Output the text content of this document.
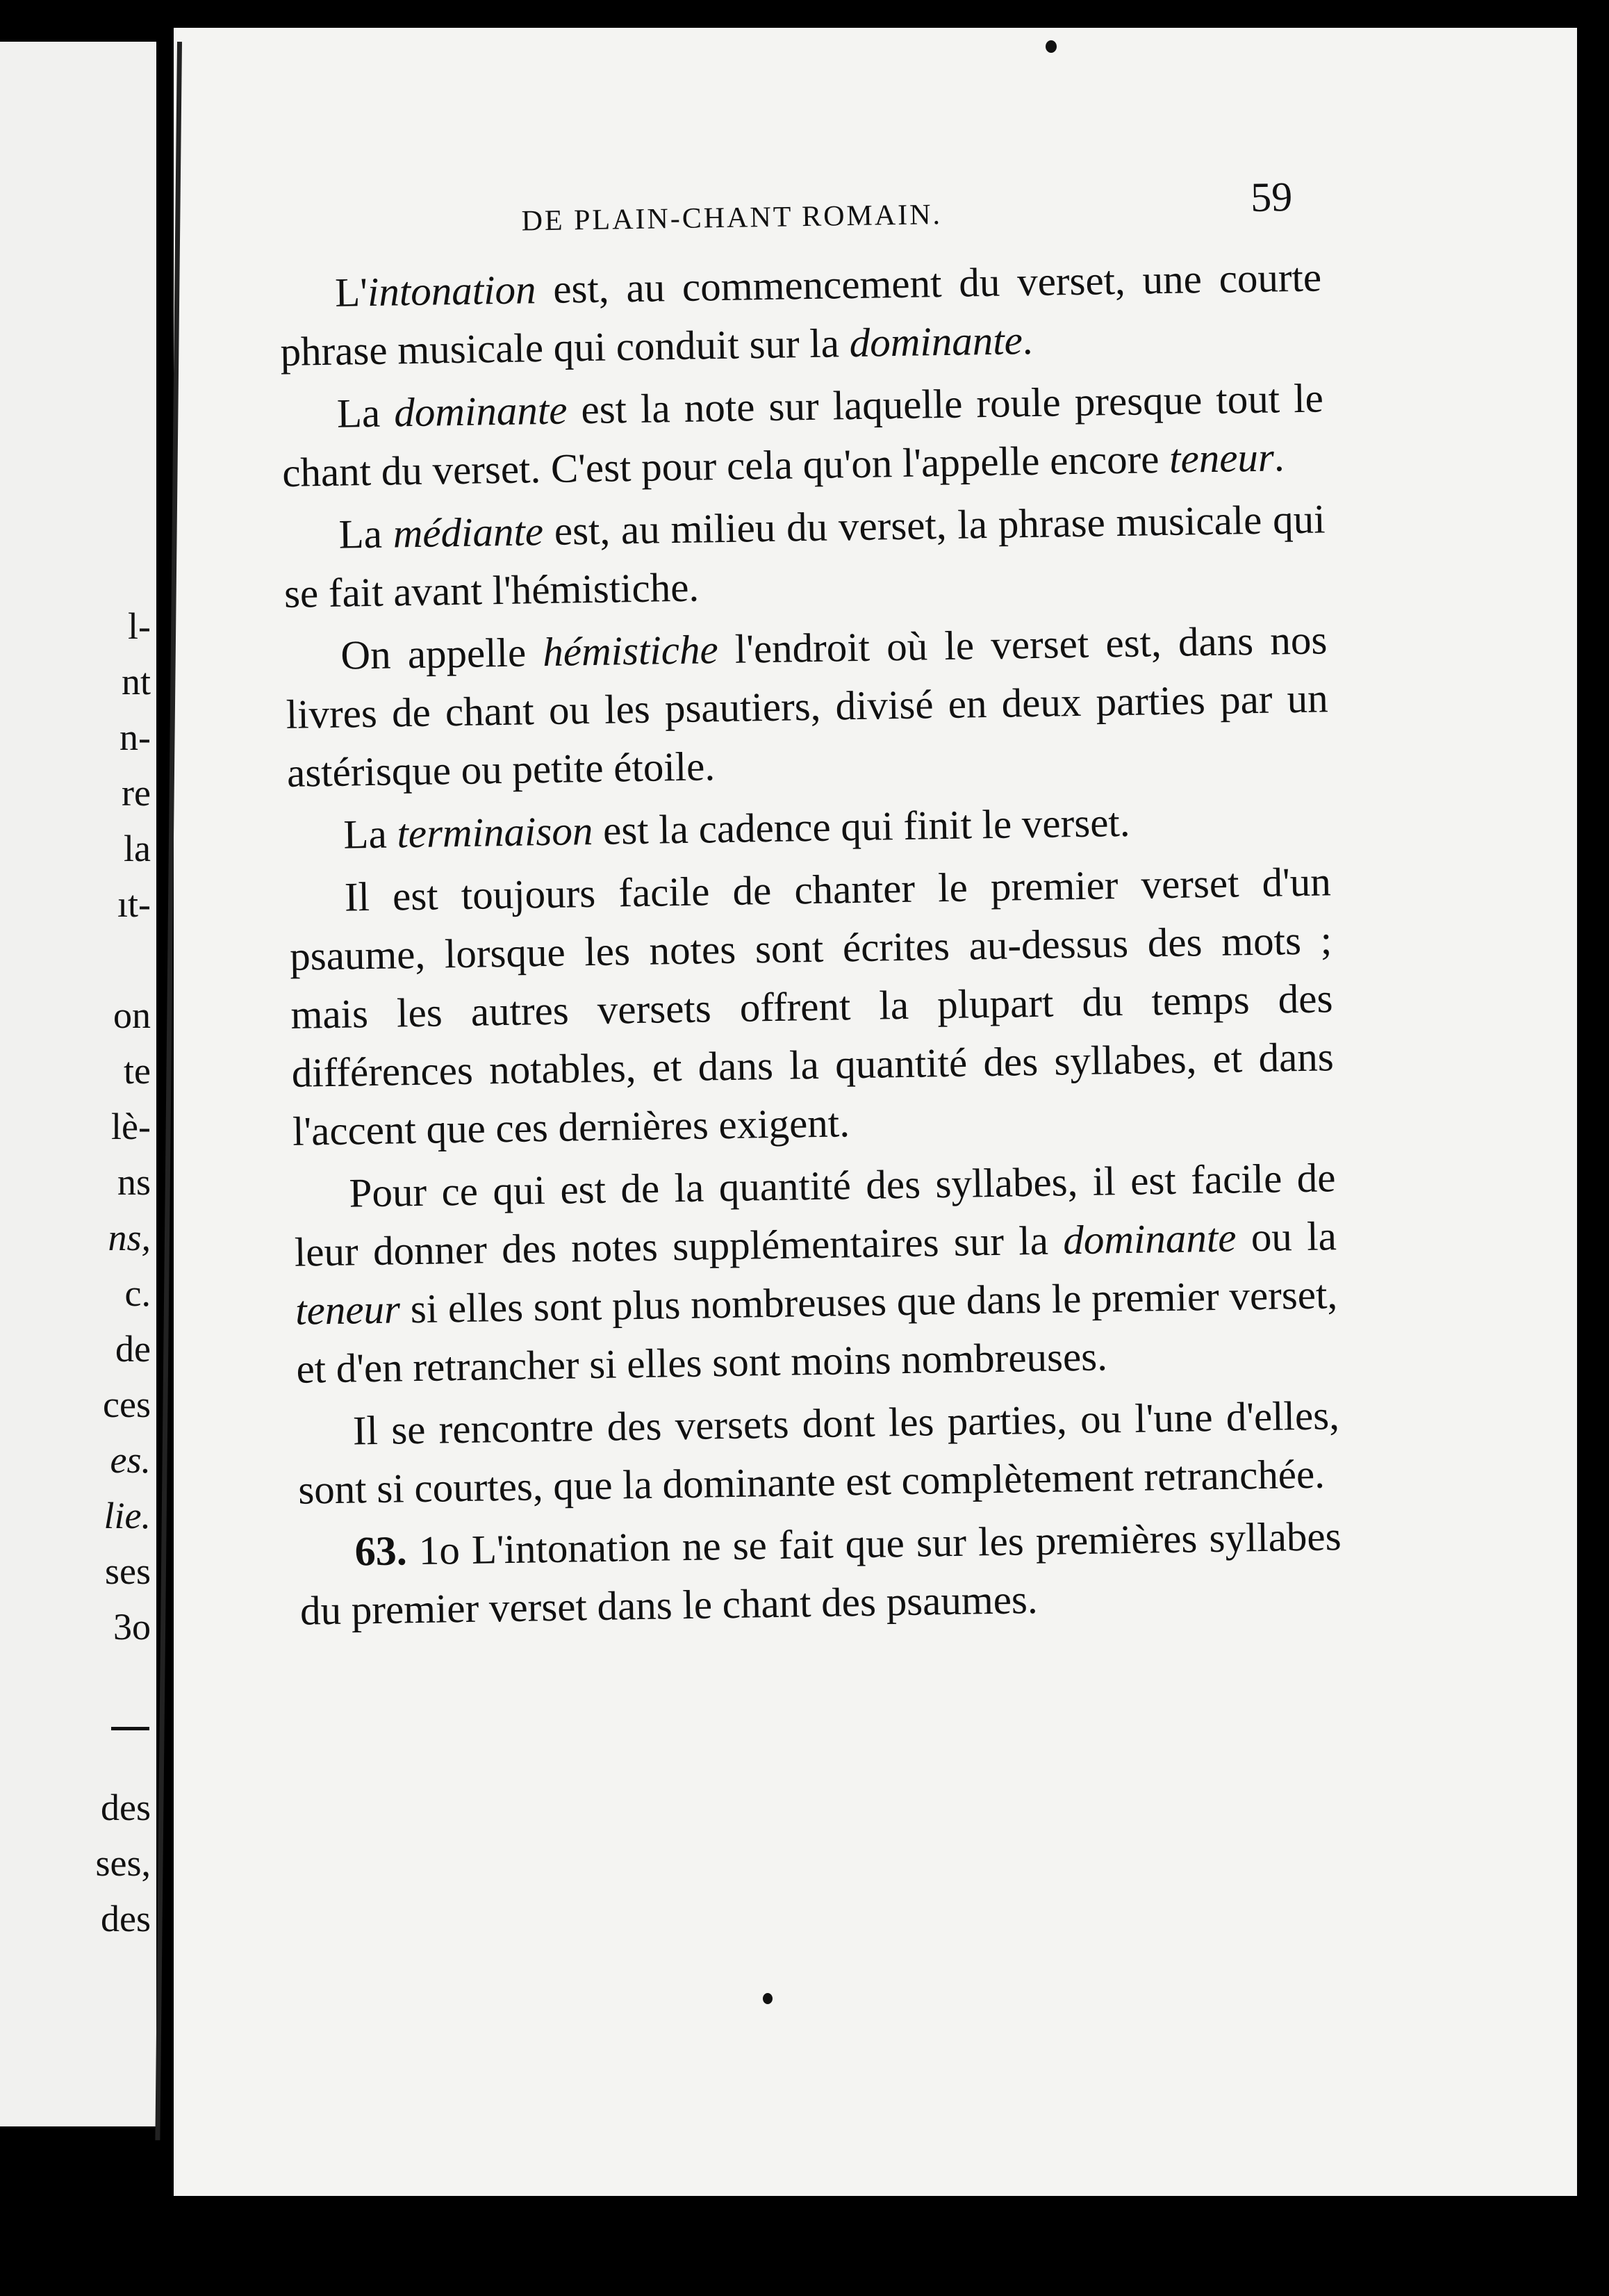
l-
nt
n-
re
la
ıt-
on
te
lè-
ns
ns,
c.
de
ces
es.
lie.
ses
3o
des
ses,
des
DE PLAIN-CHANT ROMAIN.	59

L'intonation est, au commencement du verset, une courte phrase musicale qui conduit sur la dominante.

La dominante est la note sur laquelle roule presque tout le chant du verset. C'est pour cela qu'on l'appelle encore teneur.

La médiante est, au milieu du verset, la phrase musicale qui se fait avant l'hémistiche.

On appelle hémistiche l'endroit où le verset est, dans nos livres de chant ou les psautiers, divisé en deux parties par un astérisque ou petite étoile.

La terminaison est la cadence qui finit le verset.

Il est toujours facile de chanter le premier verset d'un psaume, lorsque les notes sont écrites au-dessus des mots ; mais les autres versets offrent la plupart du temps des différences notables, et dans la quantité des syllabes, et dans l'accent que ces dernières exigent.

Pour ce qui est de la quantité des syllabes, il est facile de leur donner des notes supplémentaires sur la dominante ou la teneur si elles sont plus nombreuses que dans le premier verset, et d'en retrancher si elles sont moins nombreuses.

Il se rencontre des versets dont les parties, ou l'une d'elles, sont si courtes, que la dominante est complètement retranchée.

63. 1o L'intonation ne se fait que sur les premières syllabes du premier verset dans le chant des psaumes.
